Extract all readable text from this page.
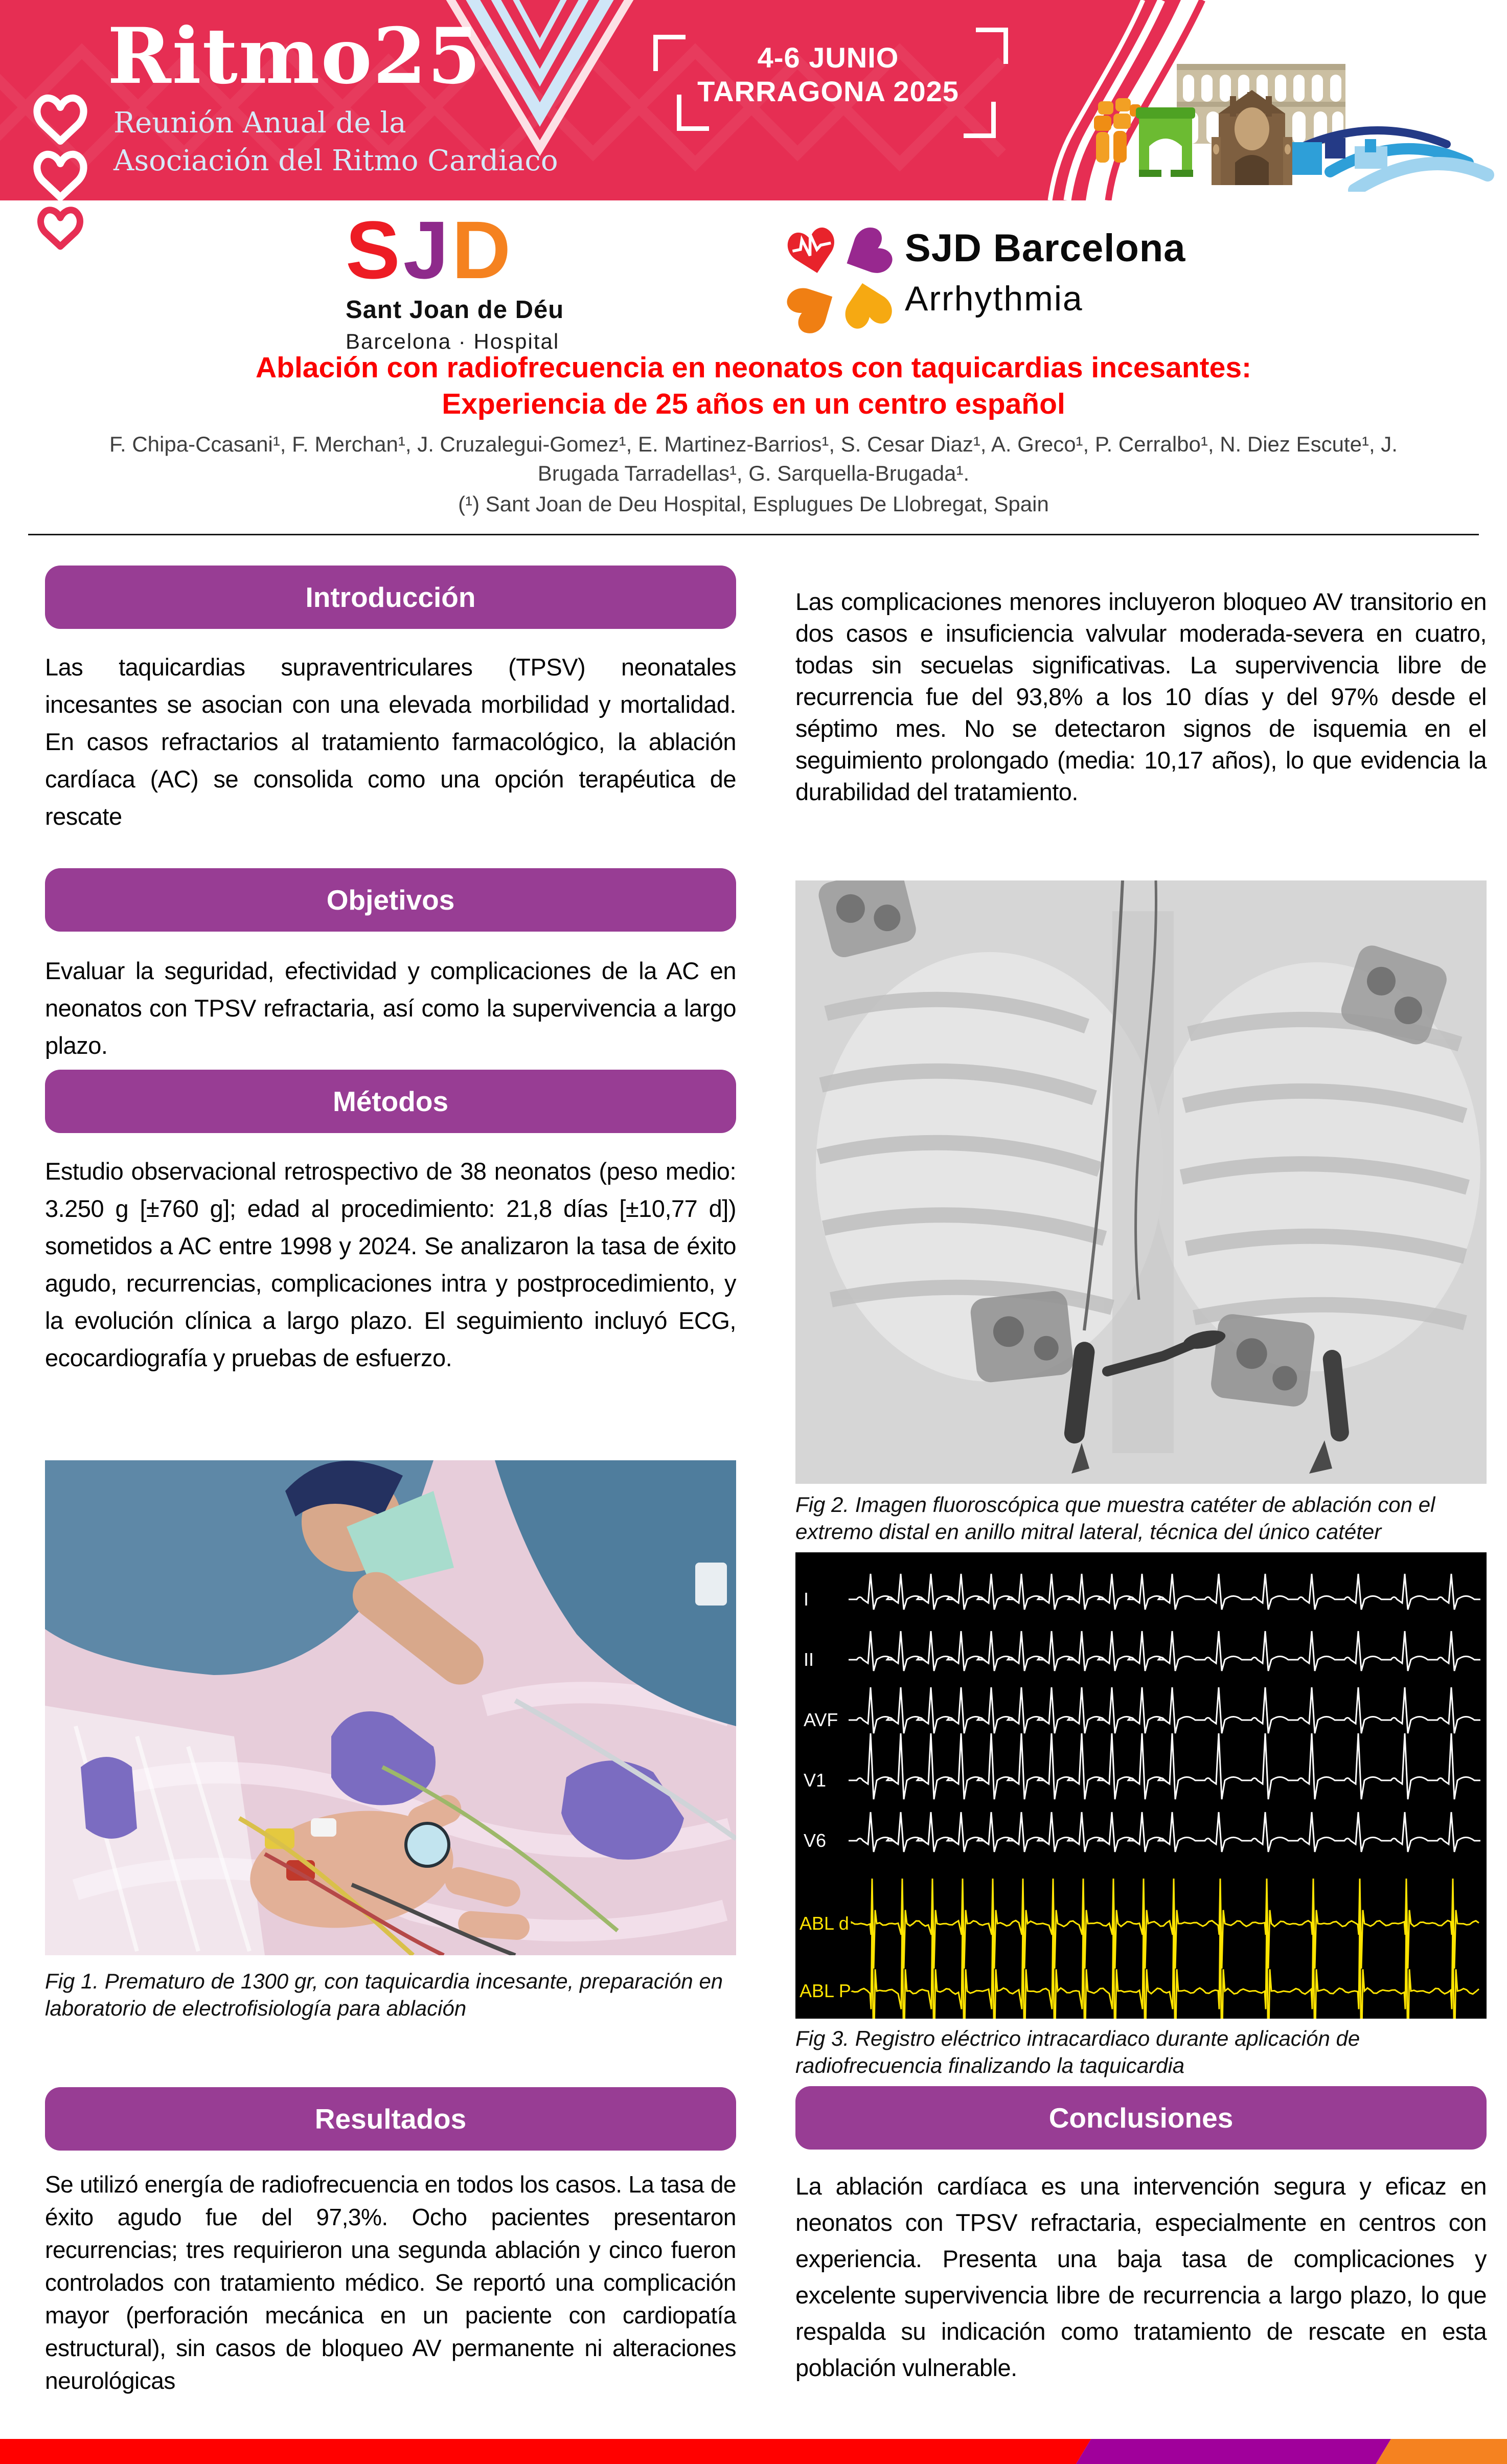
Ritmo25
Reunión Anual de la
Asociación del Ritmo Cardiaco
4-6 JUNIO
TARRAGONA 2025
SJD
Sant Joan de Déu
Barcelona · Hospital
SJD Barcelona
Arrhythmia
Ablación con radiofrecuencia en neonatos con taquicardias incesantes:
Experiencia de 25 años en un centro español
F. Chipa-Ccasani¹, F. Merchan¹, J. Cruzalegui-Gomez¹, E. Martinez-Barrios¹, S. Cesar Diaz¹, A. Greco¹, P. Cerralbo¹, N. Diez Escute¹, J. Brugada Tarradellas¹, G. Sarquella-Brugada¹.
(¹) Sant Joan de Deu Hospital, Esplugues De Llobregat, Spain
Introducción
Las taquicardias supraventriculares (TPSV) neonatales incesantes se asocian con una elevada morbilidad y mortalidad. En casos refractarios al tratamiento farmacológico, la ablación cardíaca (AC) se consolida como una opción terapéutica de rescate
Objetivos
Evaluar la seguridad, efectividad y complicaciones de la AC en neonatos con TPSV refractaria, así como la supervivencia a largo plazo.
Métodos
Estudio observacional retrospectivo de 38 neonatos (peso medio: 3.250 g [±760 g]; edad al procedimiento: 21,8 días [±10,77 d]) sometidos a AC entre 1998 y 2024. Se analizaron la tasa de éxito agudo, recurrencias, complicaciones intra y postprocedimiento, y la evolución clínica a largo plazo. El seguimiento incluyó ECG, ecocardiografía y pruebas de esfuerzo.
Fig 1. Prematuro de 1300 gr, con taquicardia incesante, preparación en laboratorio de electrofisiología para ablación
Resultados
Se utilizó energía de radiofrecuencia en todos los casos. La tasa de éxito agudo fue del 97,3%. Ocho pacientes presentaron recurrencias; tres requirieron una segunda ablación y cinco fueron controlados con tratamiento médico. Se reportó una complicación mayor (perforación mecánica en un paciente con cardiopatía estructural), sin casos de bloqueo AV permanente ni alteraciones neurológicas
Las complicaciones menores incluyeron bloqueo AV transitorio en dos casos e insuficiencia valvular moderada-severa en cuatro, todas sin secuelas significativas. La supervivencia libre de recurrencia fue del 93,8% a los 10 días y del 97% desde el séptimo mes. No se detectaron signos de isquemia en el seguimiento prolongado (media: 10,17 años), lo que evidencia la durabilidad del tratamiento.
Fig 2. Imagen fluoroscópica que muestra catéter de ablación con el extremo distal en anillo mitral lateral, técnica del único catéter
I
II
AVF
V1
V6
ABL d
ABL P
Fig 3. Registro eléctrico intracardiaco durante aplicación de radiofrecuencia finalizando la taquicardia
Conclusiones
La ablación cardíaca es una intervención segura y eficaz en neonatos con TPSV refractaria, especialmente en centros con experiencia. Presenta una baja tasa de complicaciones y excelente supervivencia libre de recurrencia a largo plazo, lo que respalda su indicación como tratamiento de rescate en esta población vulnerable.
